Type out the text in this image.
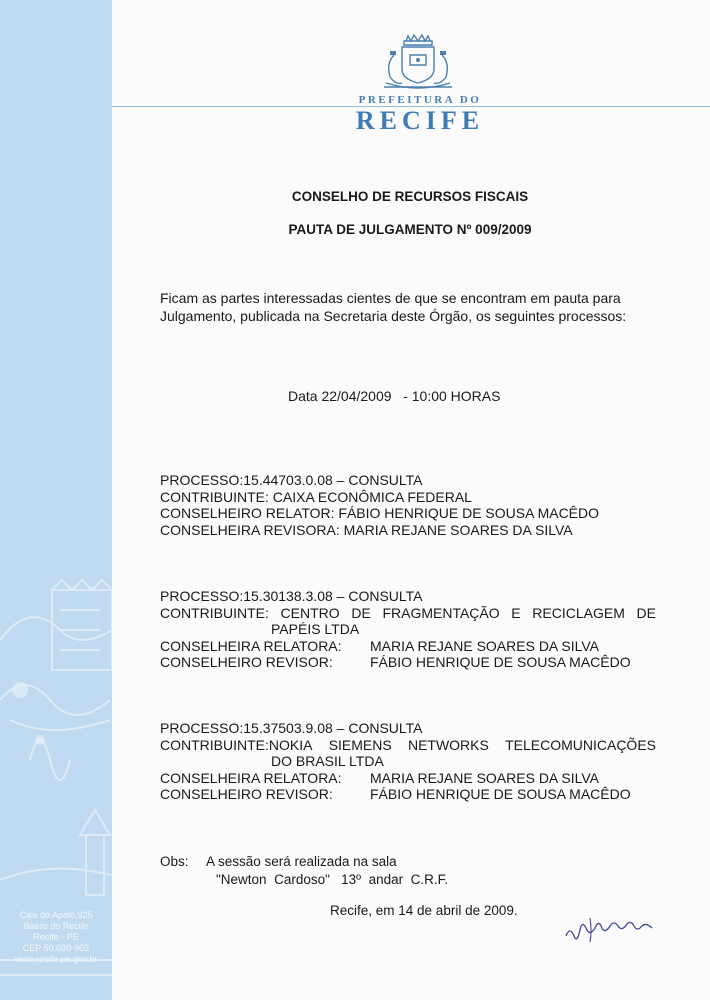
Cais do Apolo,925
Bairro do Recife
Recife - PE
CEP 50.030-903
www.recife.pe.gov.br
PREFEITURA DO
RECIFE
CONSELHO DE RECURSOS FISCAIS
PAUTA DE JULGAMENTO Nº 009/2009
Ficam as partes interessadas cientes de que se encontram em pauta para
Julgamento, publicada na Secretaria deste Órgão, os seguintes processos:
Data 22/04/2009   - 10:00 HORAS
PROCESSO:15.44703.0.08 – CONSULTA
CONTRIBUINTE: CAIXA ECONÔMICA FEDERAL
CONSELHEIRO RELATOR: FÁBIO HENRIQUE DE SOUSA MACÊDO
CONSELHEIRA REVISORA: MARIA REJANE SOARES DA SILVA
PROCESSO:15.30138.3.08 – CONSULTA
CONTRIBUINTE: CENTRO DE FRAGMENTAÇÃO E RECICLAGEM DE
PAPÉIS LTDA
CONSELHEIRA RELATORA: MARIA REJANE SOARES DA SILVA
CONSELHEIRO REVISOR:	FÁBIO HENRIQUE DE SOUSA MACÊDO
PROCESSO:15.37503.9.08 – CONSULTA
CONTRIBUINTE:NOKIA SIEMENS NETWORKS TELECOMUNICAÇÕES
DO BRASIL LTDA
CONSELHEIRA RELATORA: MARIA REJANE SOARES DA SILVA
CONSELHEIRO REVISOR:	FÁBIO HENRIQUE DE SOUSA MACÊDO
Obs: A sessão será realizada na sala
"Newton  Cardoso"   13º  andar  C.R.F.
Recife, em 14 de abril de 2009.
